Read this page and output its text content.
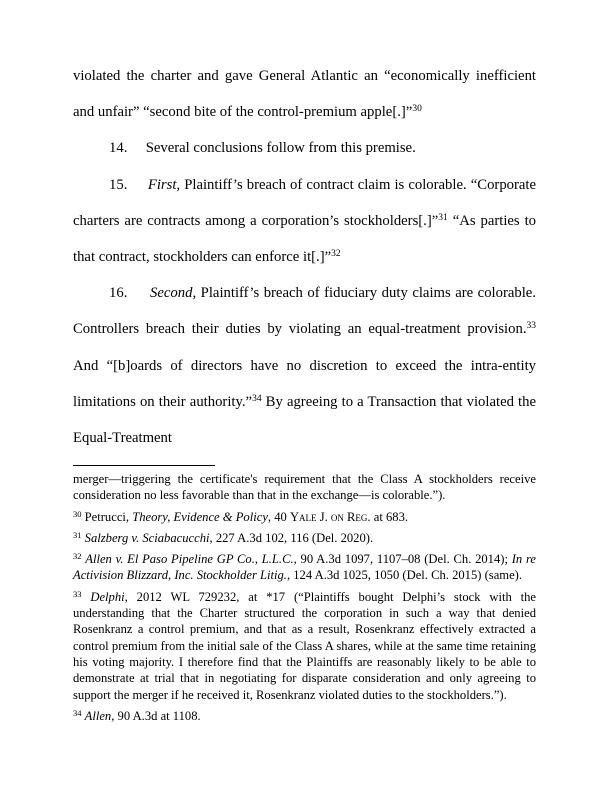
violated the charter and gave General Atlantic an “economically inefficient and unfair” “second bite of the control-premium apple[.]”$^{30}$

14. Several conclusions follow from this premise.

15. First, Plaintiff’s breach of contract claim is colorable. “Corporate charters are contracts among a corporation’s stockholders[.]”$^{31}$ “As parties to that contract, stockholders can enforce it[.]”$^{32}$

16. Second, Plaintiff’s breach of fiduciary duty claims are colorable. Controllers breach their duties by violating an equal-treatment provision.$^{33}$ And “[b]oards of directors have no discretion to exceed the intra-entity limitations on their authority.”$^{34}$ By agreeing to a Transaction that violated the Equal-Treatment

merger—triggering the certificate's requirement that the Class A stockholders receive consideration no less favorable than that in the exchange—is colorable.”).

$^{30}$ Petrucci, Theory, Evidence & Policy, 40 Yale J. on Reg. at 683.

$^{31}$ Salzberg v. Sciabacucchi, 227 A.3d 102, 116 (Del. 2020).

$^{32}$ Allen v. El Paso Pipeline GP Co., L.L.C., 90 A.3d 1097, 1107–08 (Del. Ch. 2014); In re Activision Blizzard, Inc. Stockholder Litig., 124 A.3d 1025, 1050 (Del. Ch. 2015) (same).

$^{33}$ Delphi, 2012 WL 729232, at *17 (“Plaintiffs bought Delphi’s stock with the understanding that the Charter structured the corporation in such a way that denied Rosenkranz a control premium, and that as a result, Rosenkranz effectively extracted a control premium from the initial sale of the Class A shares, while at the same time retaining his voting majority. I therefore find that the Plaintiffs are reasonably likely to be able to demonstrate at trial that in negotiating for disparate consideration and only agreeing to support the merger if he received it, Rosenkranz violated duties to the stockholders.”).

$^{34}$ Allen, 90 A.3d at 1108.
